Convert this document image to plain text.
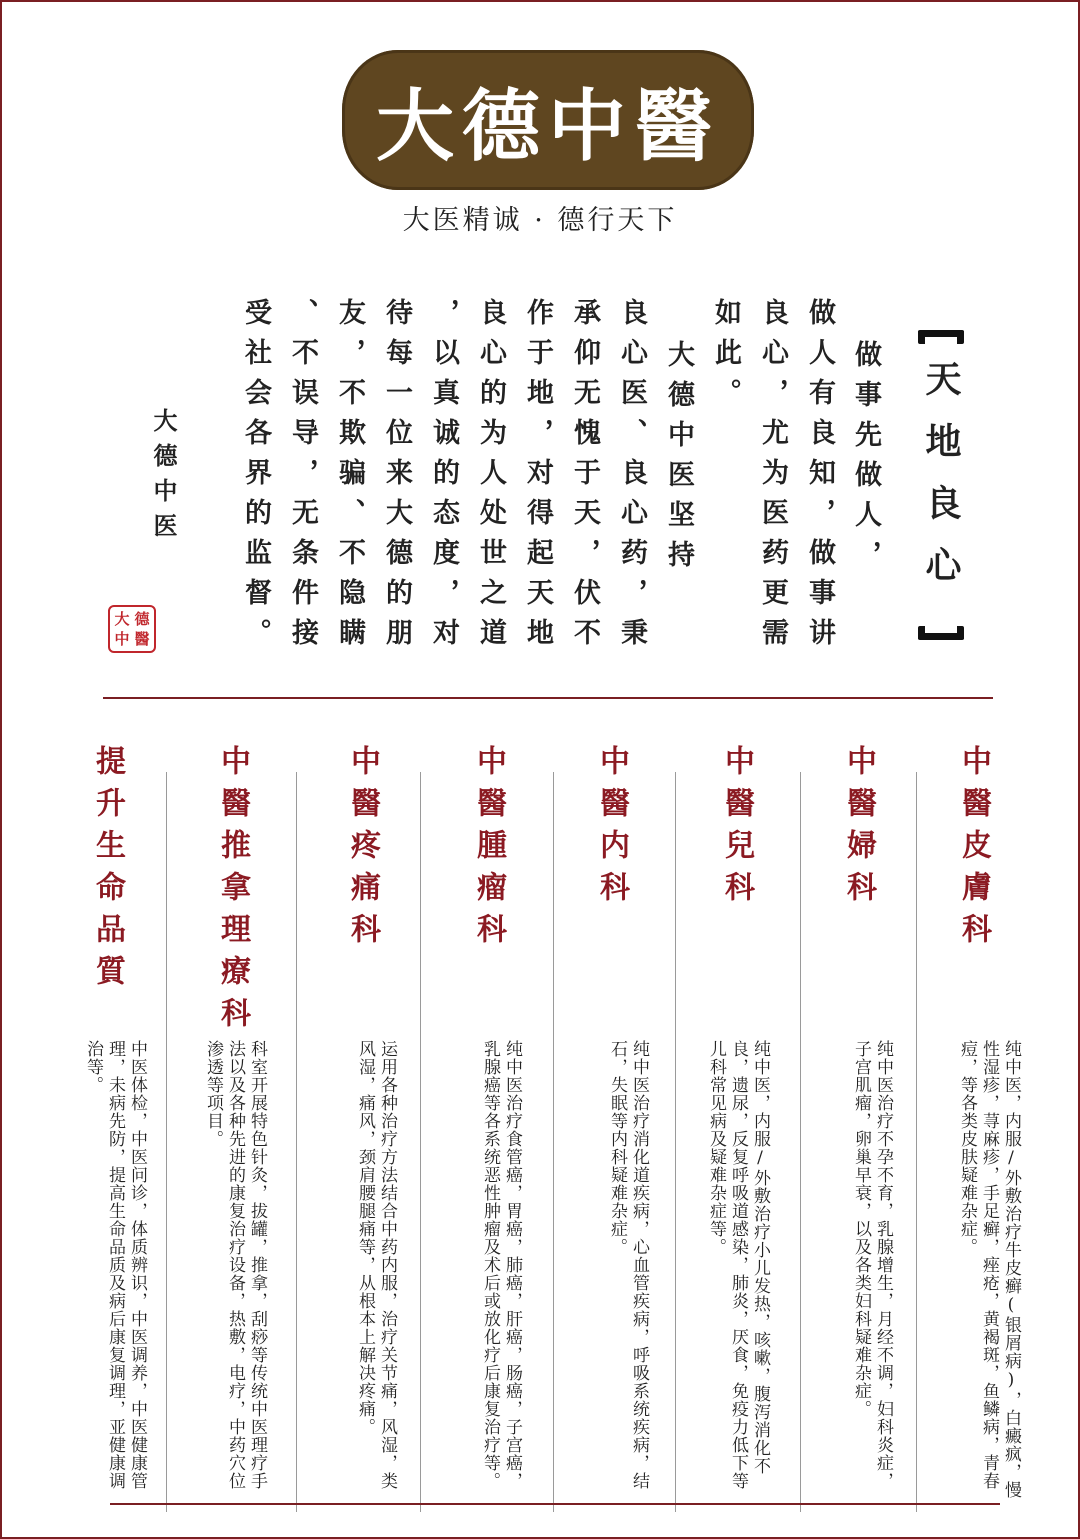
大德中醫
大医精诚 · 德行天下
天地良心
做事先做人，
做人有良知，做事讲
良心，尤为医药更需
如此。
大德中医坚持
良心医、良心药，秉
承仰无愧于天，伏不
作于地，对得起天地
良心的为人处世之道
，以真诚的态度，对
待每一位来大德的朋
友，不欺骗、不隐瞒
、不误导，无条件接
受社会各界的监督。
大德中医
大 德
中 醫
中醫皮膚科
中醫婦科
中醫兒科
中醫内科
中醫腫瘤科
中醫疼痛科
中醫推拿理療科
提升生命品質
纯中医，内服/外敷治疗牛皮癣(银屑病)，白癜疯，慢性湿疹，荨麻疹，手足癣，痤疮，黄褐斑，鱼鳞病，青春痘，等各类皮肤疑难杂症。
纯中医治疗不孕不育，乳腺增生，月经不调，妇科炎症，子宫肌瘤，卵巢早衰，以及各类妇科疑难杂症。
纯中医，内服/外敷治疗小儿发热，咳嗽，腹泻消化不良，遗尿，反复呼吸道感染，肺炎，厌食，免疫力低下等儿科常见病及疑难杂症等。
纯中医治疗消化道疾病，心血管疾病，呼吸系统疾病，结石，失眠等内科疑难杂症。
纯中医治疗食管癌，胃癌，肺癌，肝癌，肠癌，子宫癌，乳腺癌等各系统恶性肿瘤及术后或放化疗后康复治疗等。
运用各种治疗方法结合中药内服，治疗关节痛，风湿，类风湿，痛风，颈肩腰腿痛等，从根本上解决疼痛。
科室开展特色针灸，拔罐，推拿，刮痧等传统中医理疗手法以及各种先进的康复治疗设备，热敷，电疗，中药穴位渗透等项目。
中医体检，中医问诊，体质辨识，中医调养，中医健康管理，未病先防，提高生命品质及病后康复调理，亚健康调治等。
